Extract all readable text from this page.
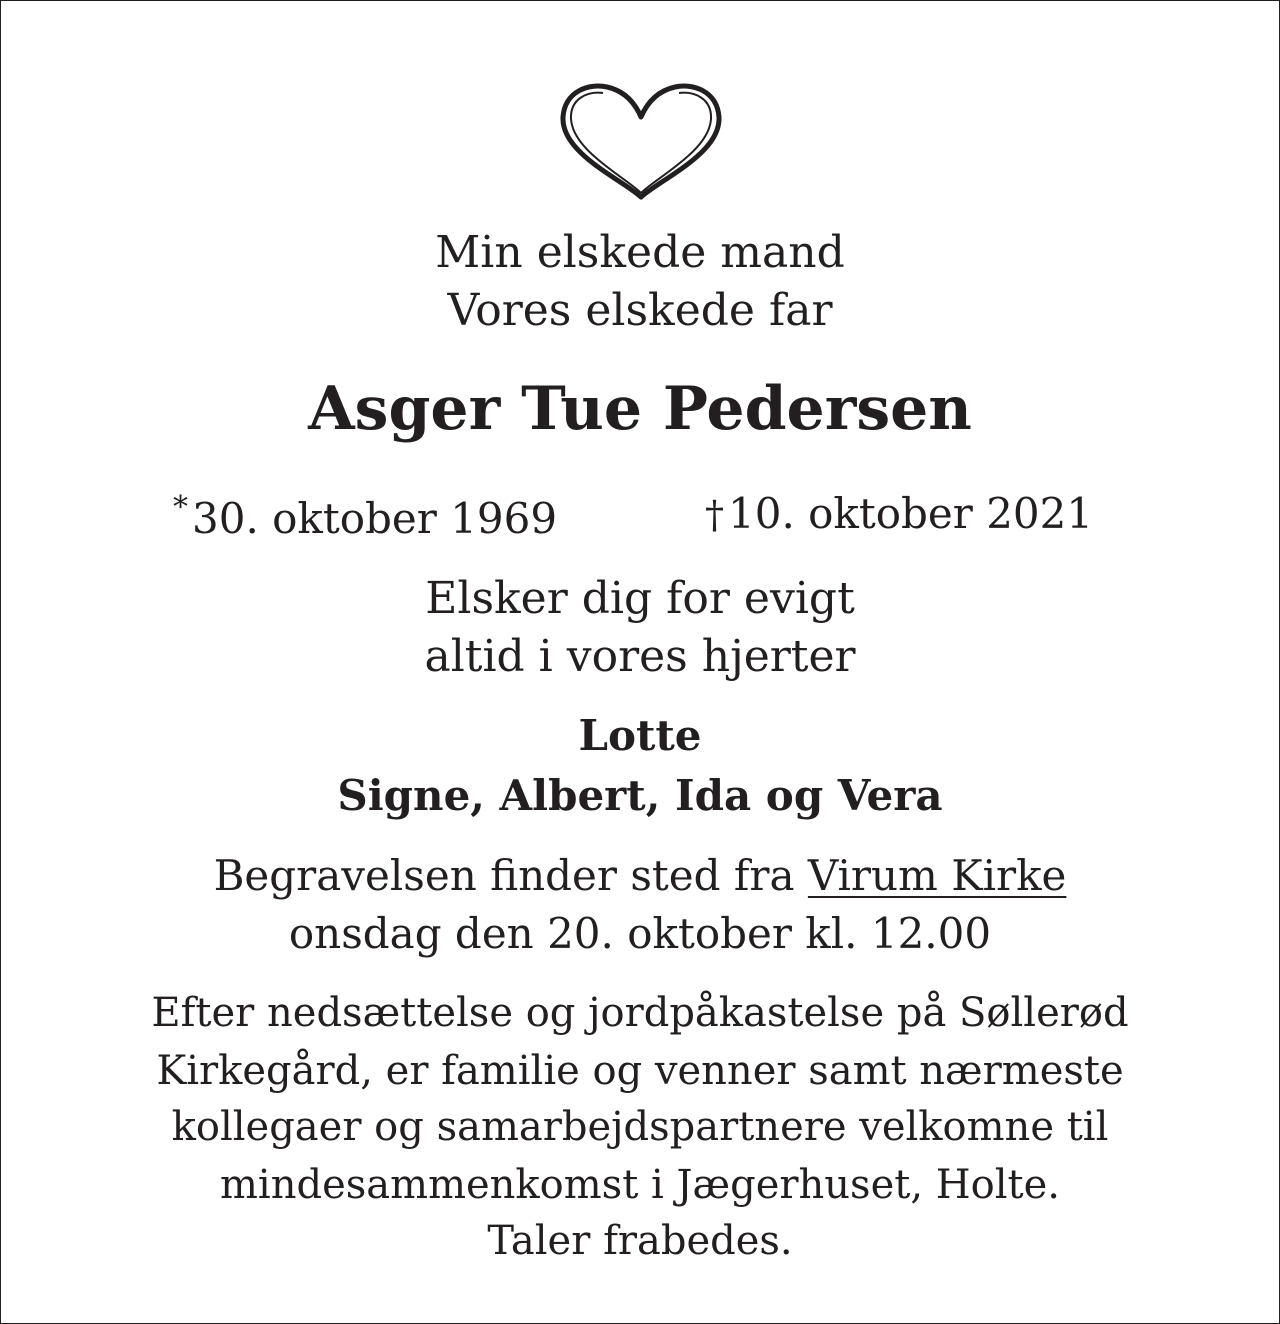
Min elskede mand
Vores elskede far
Asger Tue Pedersen
*30. oktober 1969	†10. oktober 2021
Elsker dig for evigt
altid i vores hjerter
Lotte
Signe, Albert, Ida og Vera
Begravelsen finder sted fra Virum Kirke
onsdag den 20. oktober kl. 12.00
Efter nedsættelse og jordpåkastelse på Søllerød
Kirkegård, er familie og venner samt nærmeste
kollegaer og samarbejdspartnere velkomne til
mindesammenkomst i Jægerhuset, Holte.
Taler frabedes.
